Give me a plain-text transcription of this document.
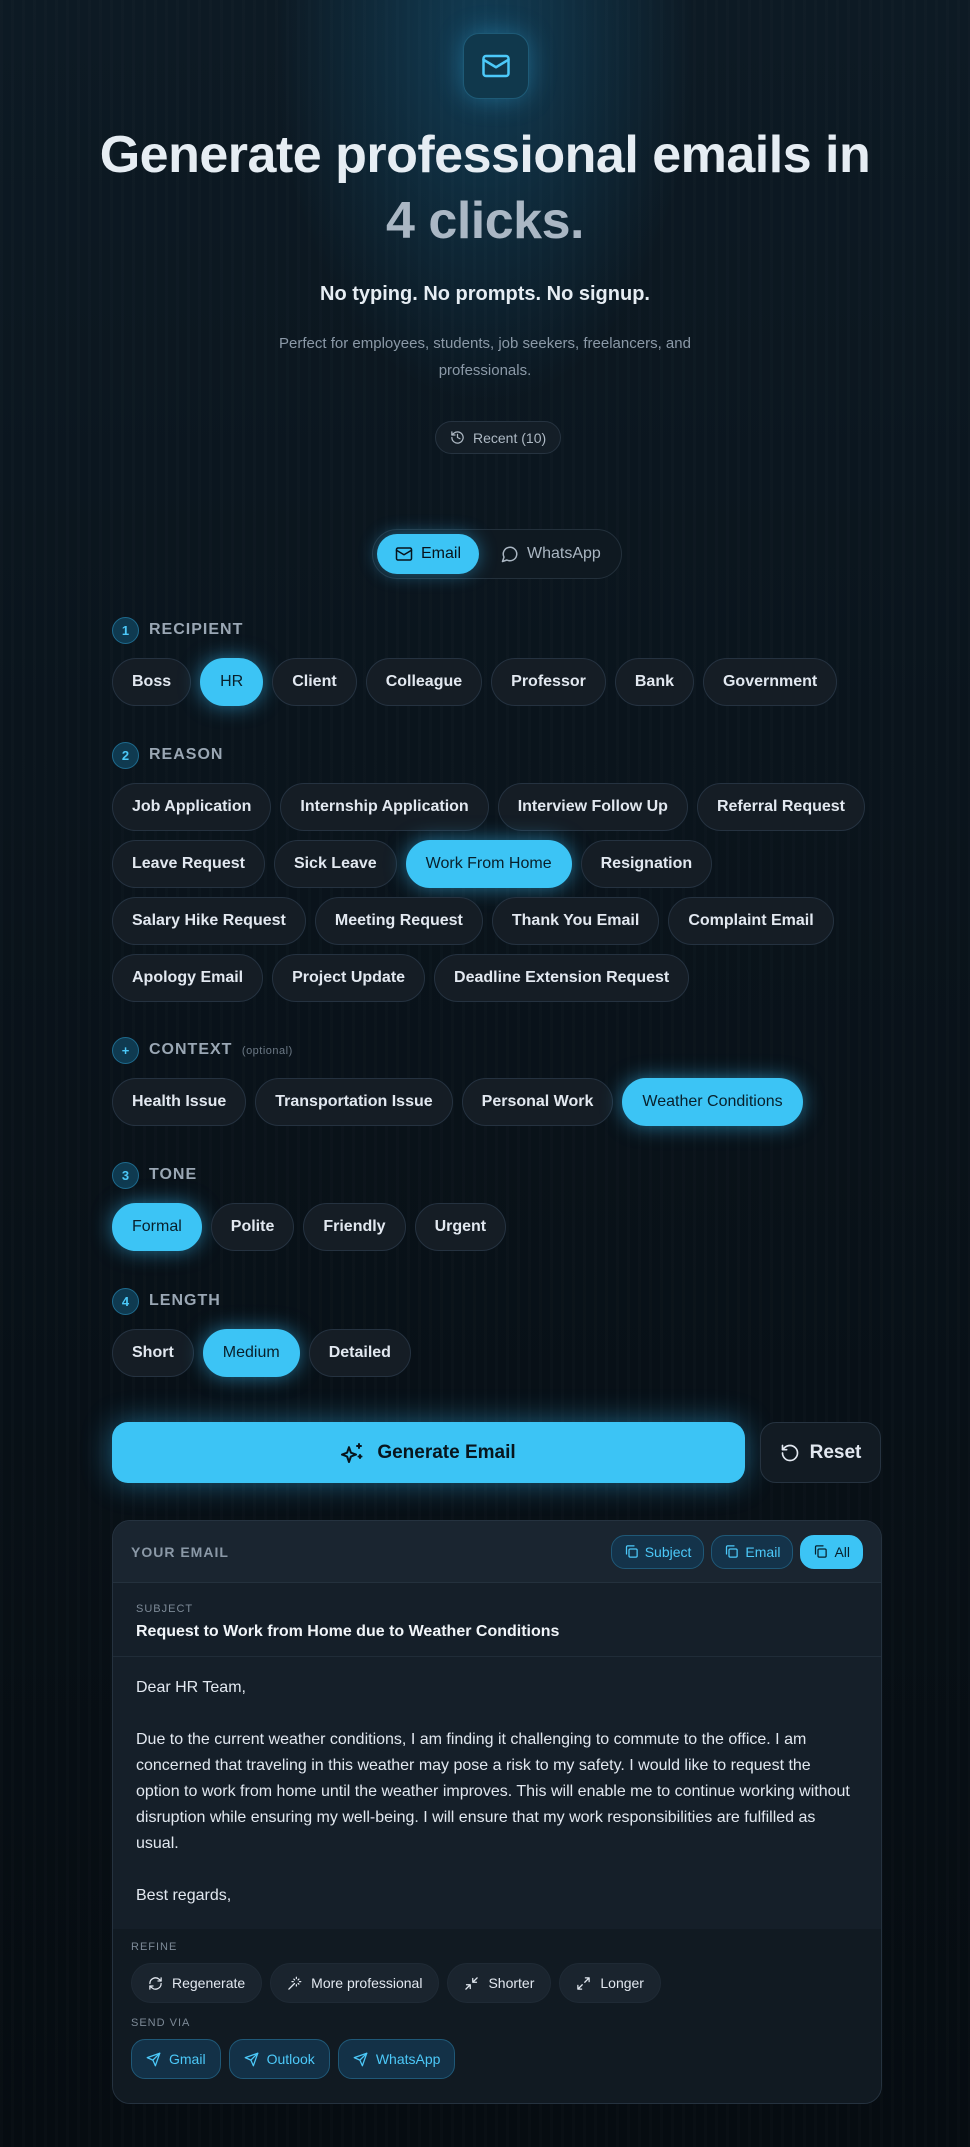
Generate professional emails in
4 clicks.
No typing. No prompts. No signup.
Perfect for employees, students, job seekers, freelancers, and professionals.
Recent (10)
Email	WhatsApp
1	RECIPIENT
Boss	HR	Client	Colleague	Professor	Bank	Government
2	REASON
Job Application	Internship Application	Interview Follow Up	Referral Request
Leave Request	Sick Leave	Work From Home	Resignation
Salary Hike Request	Meeting Request	Thank You Email	Complaint Email
Apology Email	Project Update	Deadline Extension Request
+	CONTEXT (optional)
Health Issue	Transportation Issue	Personal Work	Weather Conditions
3	TONE
Formal	Polite	Friendly	Urgent
4	LENGTH
Short	Medium	Detailed
Generate Email	Reset
YOUR EMAIL	Subject	Email	All
SUBJECT
Request to Work from Home due to Weather Conditions

Dear HR Team,

Due to the current weather conditions, I am finding it challenging to commute to the office. I am concerned that traveling in this weather may pose a risk to my safety. I would like to request the option to work from home until the weather improves. This will enable me to continue working without disruption while ensuring my well-being. I will ensure that my work responsibilities are fulfilled as usual.

Best regards,

REFINE
Regenerate	More professional	Shorter	Longer
SEND VIA
Gmail	Outlook	WhatsApp
